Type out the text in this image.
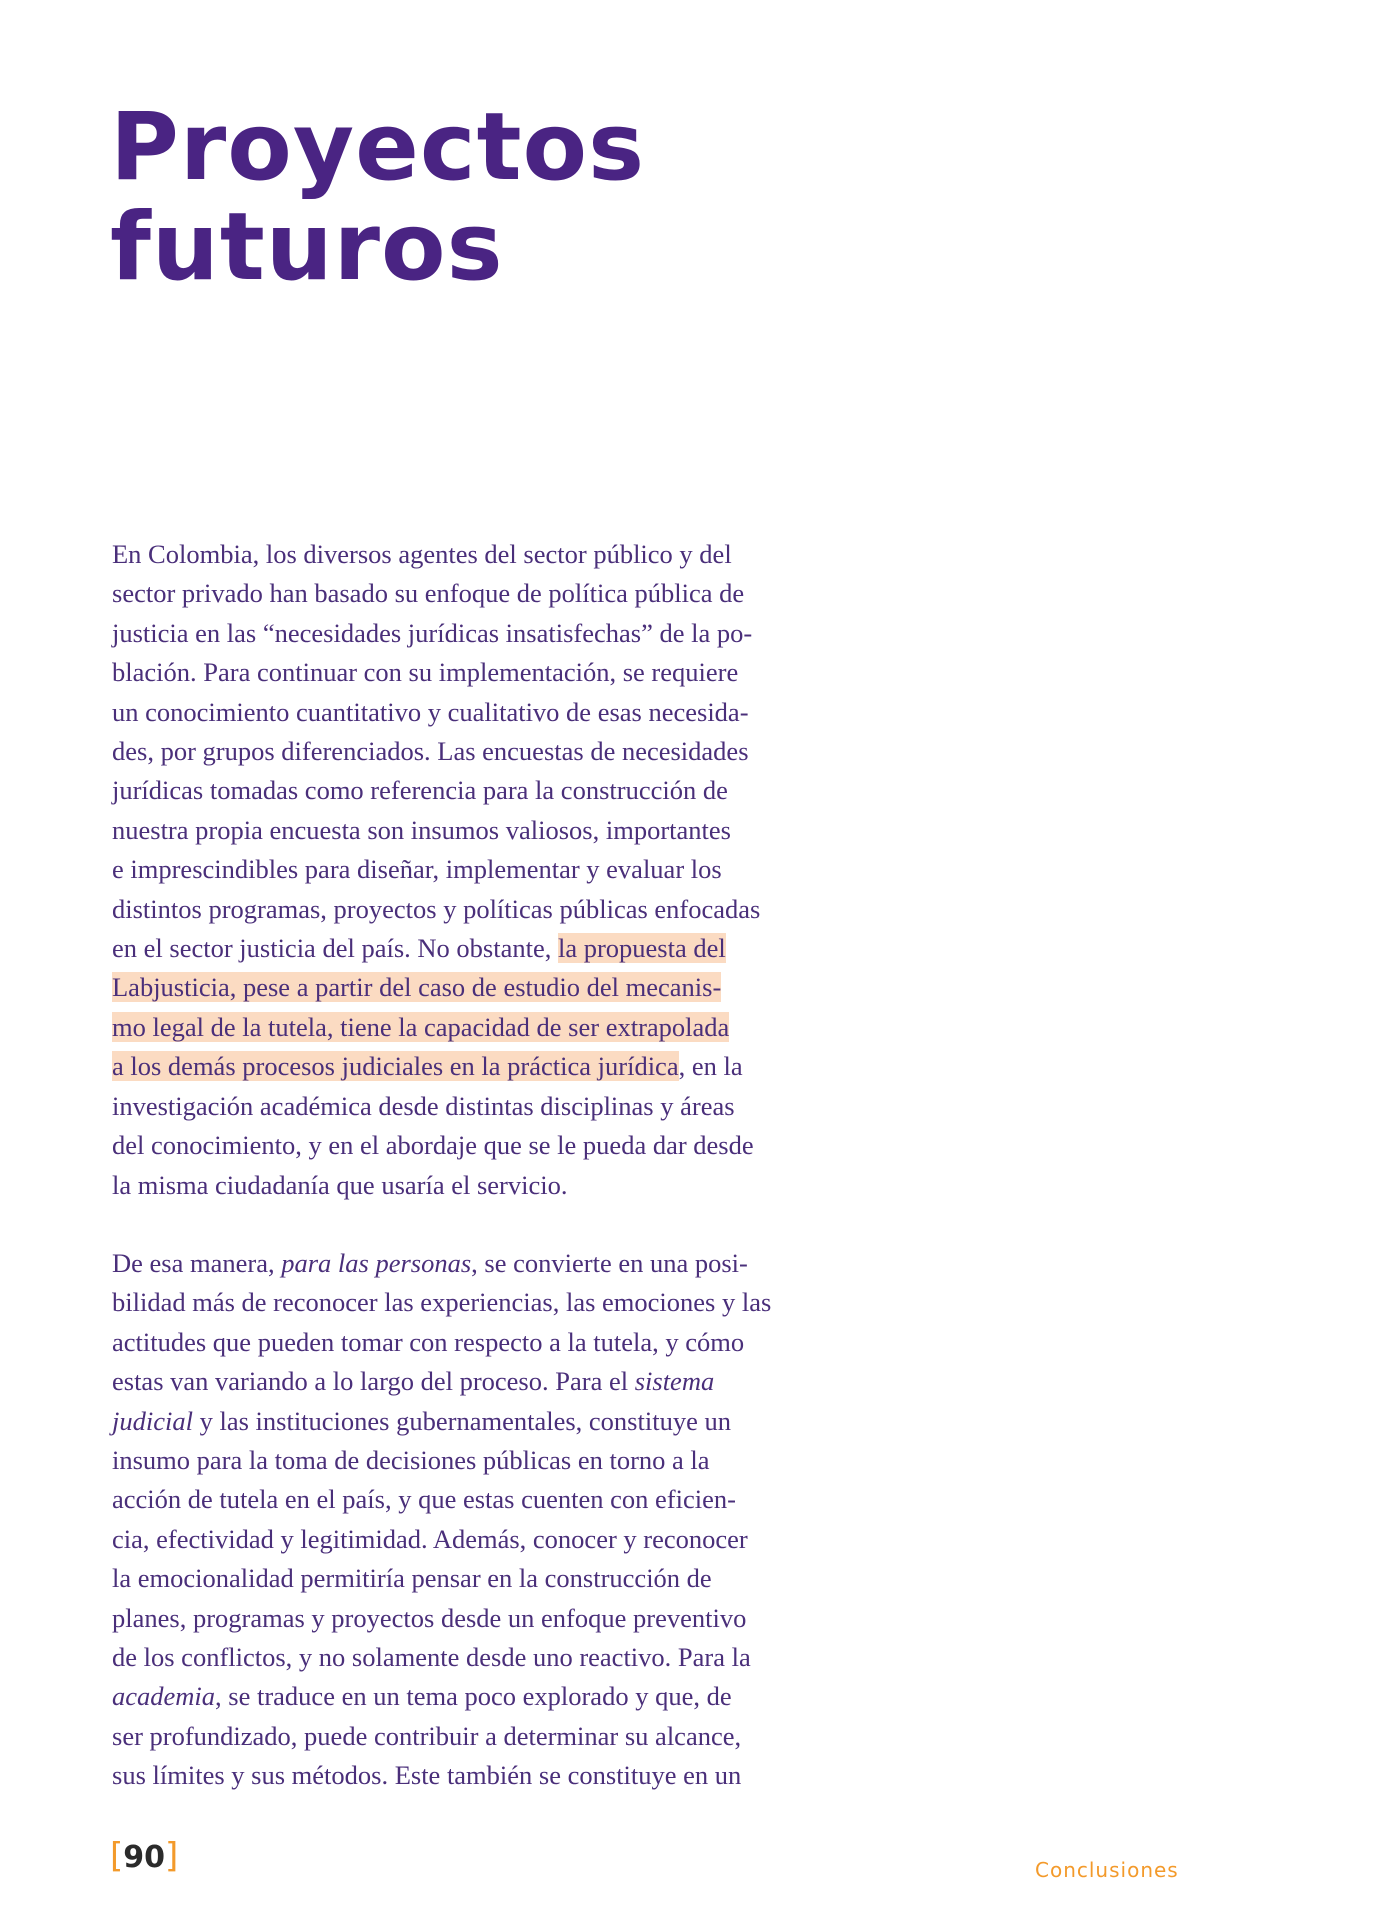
Proyectos
futuros

En Colombia, los diversos agentes del sector público y del
sector privado han basado su enfoque de política pública de
justicia en las “necesidades jurídicas insatisfechas” de la po-
blación. Para continuar con su implementación, se requiere
un conocimiento cuantitativo y cualitativo de esas necesida-
des, por grupos diferenciados. Las encuestas de necesidades
jurídicas tomadas como referencia para la construcción de
nuestra propia encuesta son insumos valiosos, importantes
e imprescindibles para diseñar, implementar y evaluar los
distintos programas, proyectos y políticas públicas enfocadas
en el sector justicia del país. No obstante, la propuesta del
Labjusticia, pese a partir del caso de estudio del mecanis-
mo legal de la tutela, tiene la capacidad de ser extrapolada
a los demás procesos judiciales en la práctica jurídica, en la
investigación académica desde distintas disciplinas y áreas
del conocimiento, y en el abordaje que se le pueda dar desde
la misma ciudadanía que usaría el servicio.

De esa manera, para las personas, se convierte en una posi-
bilidad más de reconocer las experiencias, las emociones y las
actitudes que pueden tomar con respecto a la tutela, y cómo
estas van variando a lo largo del proceso. Para el sistema
judicial y las instituciones gubernamentales, constituye un
insumo para la toma de decisiones públicas en torno a la
acción de tutela en el país, y que estas cuenten con eficien-
cia, efectividad y legitimidad. Además, conocer y reconocer
la emocionalidad permitiría pensar en la construcción de
planes, programas y proyectos desde un enfoque preventivo
de los conflictos, y no solamente desde uno reactivo. Para la
academia, se traduce en un tema poco explorado y que, de
ser profundizado, puede contribuir a determinar su alcance,
sus límites y sus métodos. Este también se constituye en un

[90]	Conclusiones
